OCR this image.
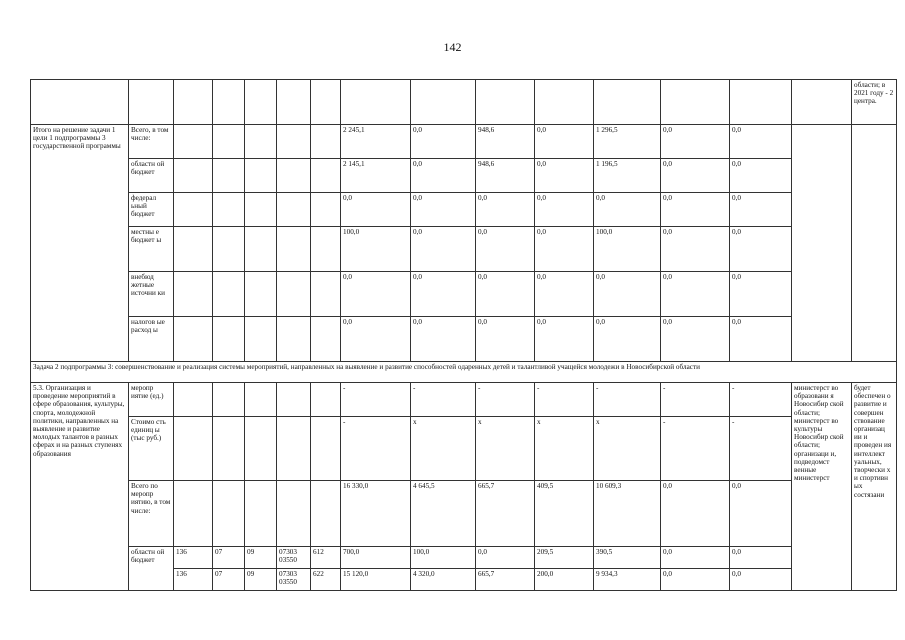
142
															области; в 2021 году - 2 центра.
Итого на решение задачи 1 цели 1 подпрограммы 3 государственной программы	Всего, в том числе:						2 245,1	0,0	948,6	0,0	1 296,5	0,0	0,0		
	областн ой бюджет						2 145,1	0,0	948,6	0,0	1 196,5	0,0	0,0		
	федерал ьный бюджет						0,0	0,0	0,0	0,0	0,0	0,0	0,0		
	местны е бюджет ы						100,0	0,0	0,0	0,0	100,0	0,0	0,0		
	внебюд жетные источни ки						0,0	0,0	0,0	0,0	0,0	0,0	0,0		
	налогов ые расход ы						0,0	0,0	0,0	0,0	0,0	0,0	0,0		
Задача 2 подпрограммы 3: совершенствование и реализация системы мероприятий, направленных на выявление и развитие способностей одаренных детей и талантливой учащейся молодежи в Новосибирской области															
5.3. Организация и проведение мероприятий в сфере образования, культуры, спорта, молодежной политики, направленных на выявление и развитие молодых талантов в разных сферах и на разных ступенях образования	меропр иятие (ед.)						-	-	-	-	-	-	-	министерст во образовани я Новосибир ской области; министерст во культуры Новосибир ской области; организаци и, подведомст венные министерст	будет обеспечен о развитие и совершен ствование организац ии и проведен ия интеллект уальных, творчески х и спортивн ых состязани
	Стоимо сть единиц ы (тыс руб.)						-	х	х	х	х	-	-		
	Всего по меропр иятию, в том числе:						16 330,0	4 645,5	665,7	409,5	10 609,3	0,0	0,0		
	областн ой бюджет	136	07	09	07303 03550	612	700,0	100,0	0,0	209,5	390,5	0,0	0,0		
		136	07	09	07303 03550	622	15 120,0	4 320,0	665,7	200,0	9 934,3	0,0	0,0		
